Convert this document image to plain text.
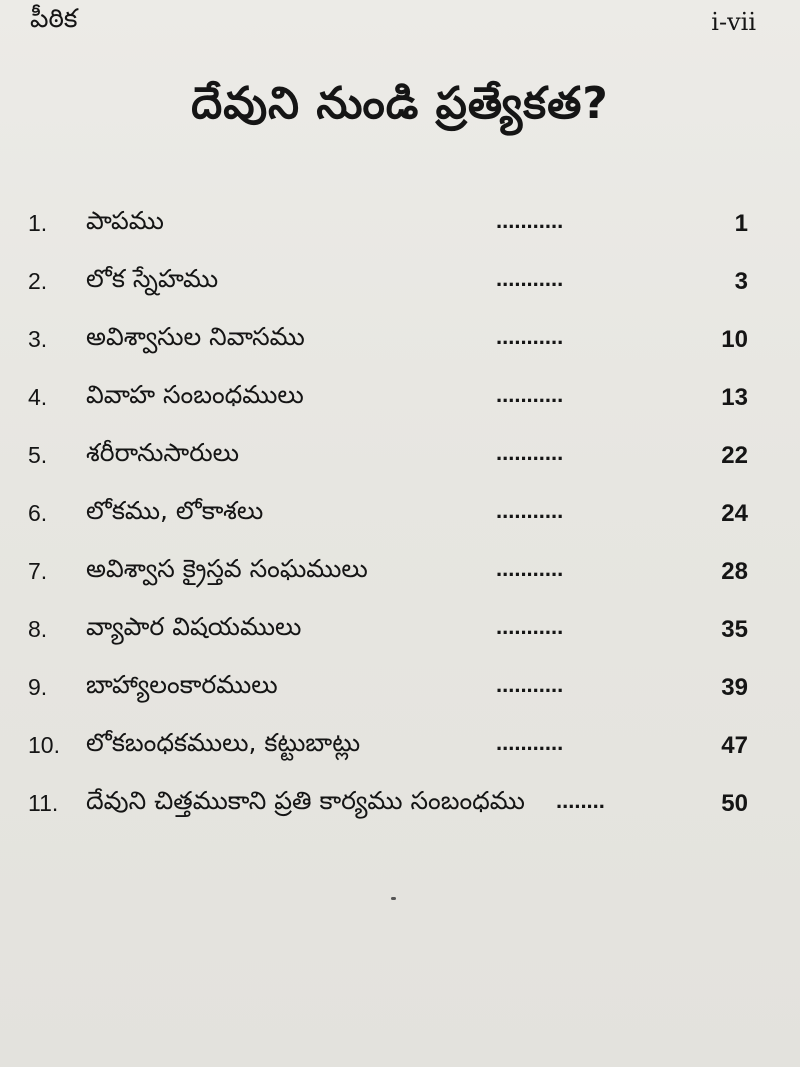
పీఠిక	i-vii
దేవుని నుండి ప్రత్యేకత?
1. పాపము	...........	1
2. లోక స్నేహము	...........	3
3. అవిశ్వాసుల నివాసము	...........	10
4. వివాహ సంబంధములు	...........	13
5. శరీరానుసారులు	...........	22
6. లోకము, లోకాశలు	...........	24
7. అవిశ్వాస క్రైస్తవ సంఘములు	...........	28
8. వ్యాపార విషయములు	...........	35
9. బాహ్యాలంకారములు	...........	39
10. లోకబంధకములు, కట్టుబాట్లు	...........	47
11. దేవుని చిత్తముకాని ప్రతి కార్యము సంబంధము ........	50
